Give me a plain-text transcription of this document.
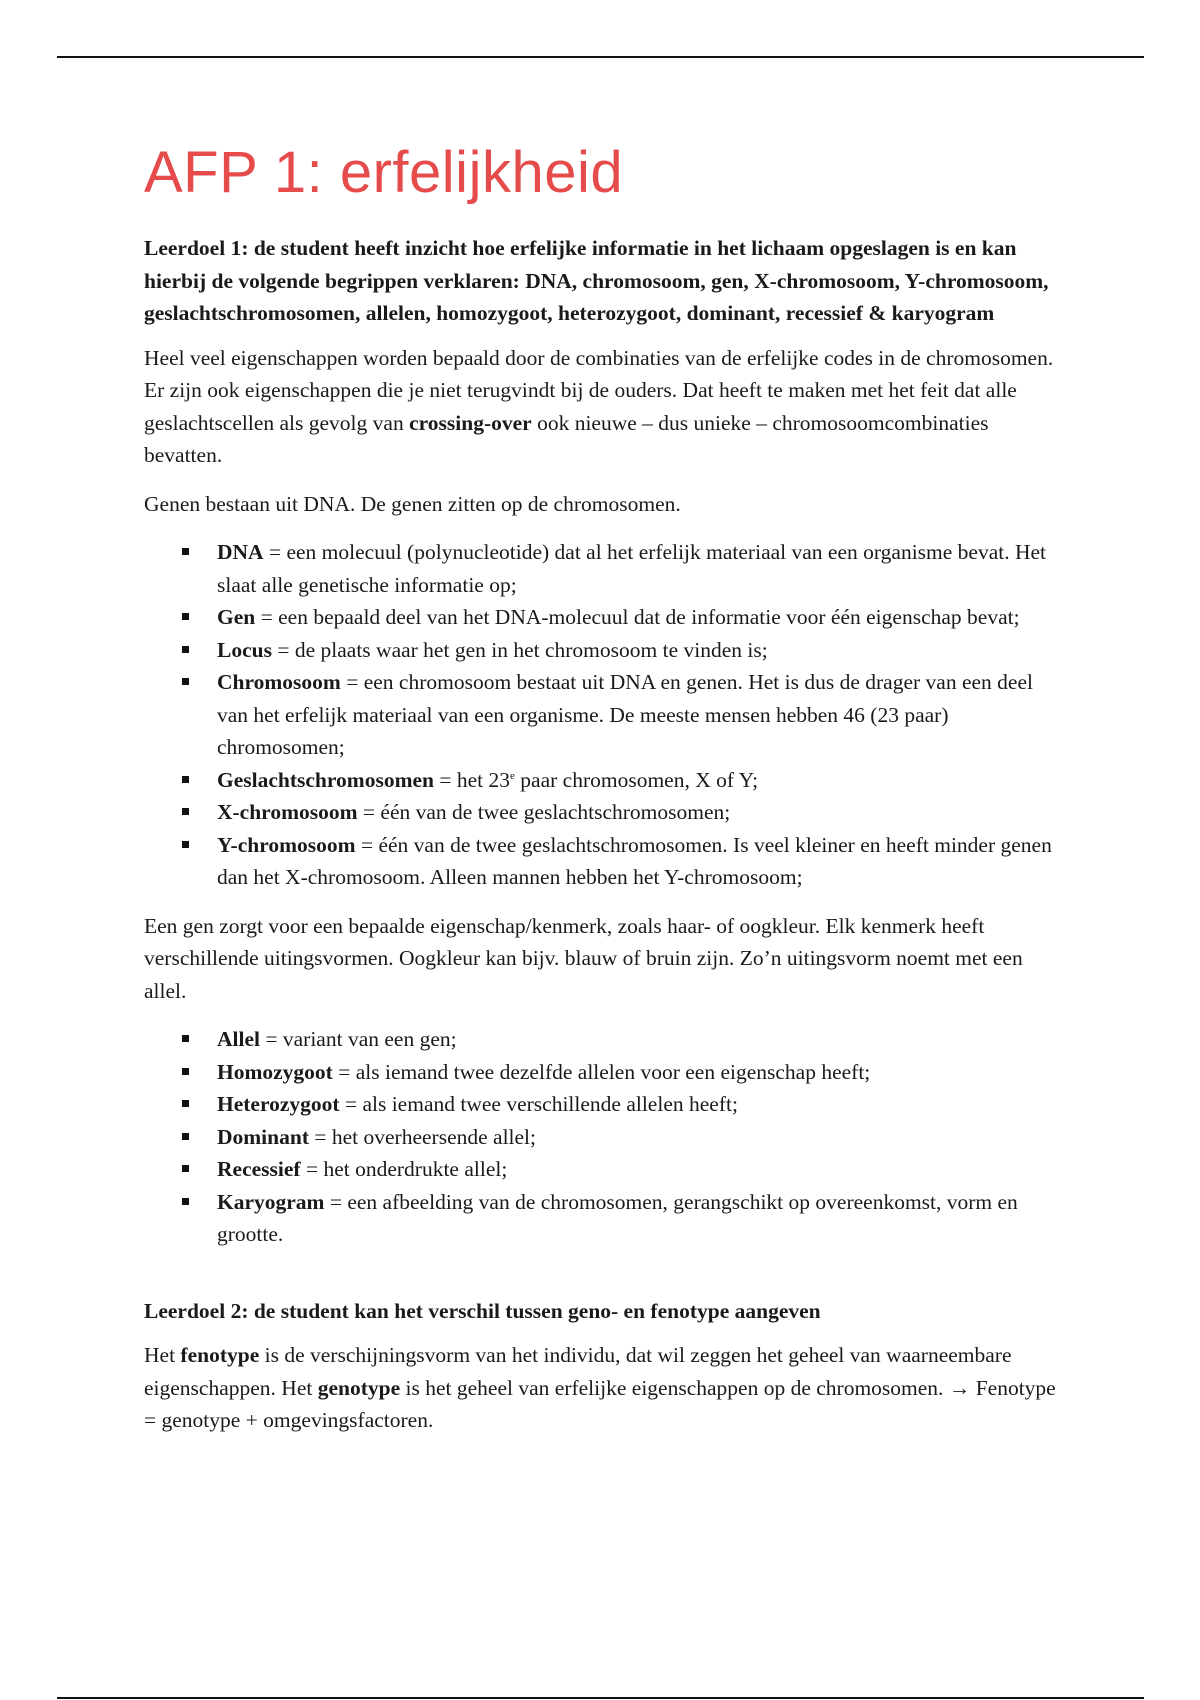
AFP 1: erfelijkheid

Leerdoel 1: de student heeft inzicht hoe erfelijke informatie in het lichaam opgeslagen is en kan hierbij de volgende begrippen verklaren: DNA, chromosoom, gen, X-chromosoom, Y-chromosoom, geslachtschromosomen, allelen, homozygoot, heterozygoot, dominant, recessief & karyogram

Heel veel eigenschappen worden bepaald door de combinaties van de erfelijke codes in de chromosomen. Er zijn ook eigenschappen die je niet terugvindt bij de ouders. Dat heeft te maken met het feit dat alle geslachtscellen als gevolg van crossing-over ook nieuwe – dus unieke – chromosoomcombinaties bevatten.

Genen bestaan uit DNA. De genen zitten op de chromosomen.

DNA = een molecuul (polynucleotide) dat al het erfelijk materiaal van een organisme bevat. Het slaat alle genetische informatie op;
Gen = een bepaald deel van het DNA-molecuul dat de informatie voor één eigenschap bevat;
Locus = de plaats waar het gen in het chromosoom te vinden is;
Chromosoom = een chromosoom bestaat uit DNA en genen. Het is dus de drager van een deel van het erfelijk materiaal van een organisme. De meeste mensen hebben 46 (23 paar) chromosomen;
Geslachtschromosomen = het 23e paar chromosomen, X of Y;
X-chromosoom = één van de twee geslachtschromosomen;
Y-chromosoom = één van de twee geslachtschromosomen. Is veel kleiner en heeft minder genen dan het X-chromosoom. Alleen mannen hebben het Y-chromosoom;

Een gen zorgt voor een bepaalde eigenschap/kenmerk, zoals haar- of oogkleur. Elk kenmerk heeft verschillende uitingsvormen. Oogkleur kan bijv. blauw of bruin zijn. Zo’n uitingsvorm noemt met een allel.

Allel = variant van een gen;
Homozygoot = als iemand twee dezelfde allelen voor een eigenschap heeft;
Heterozygoot = als iemand twee verschillende allelen heeft;
Dominant = het overheersende allel;
Recessief = het onderdrukte allel;
Karyogram = een afbeelding van de chromosomen, gerangschikt op overeenkomst, vorm en grootte.

Leerdoel 2: de student kan het verschil tussen geno- en fenotype aangeven

Het fenotype is de verschijningsvorm van het individu, dat wil zeggen het geheel van waarneembare eigenschappen. Het genotype is het geheel van erfelijke eigenschappen op de chromosomen. → Fenotype = genotype + omgevingsfactoren.
